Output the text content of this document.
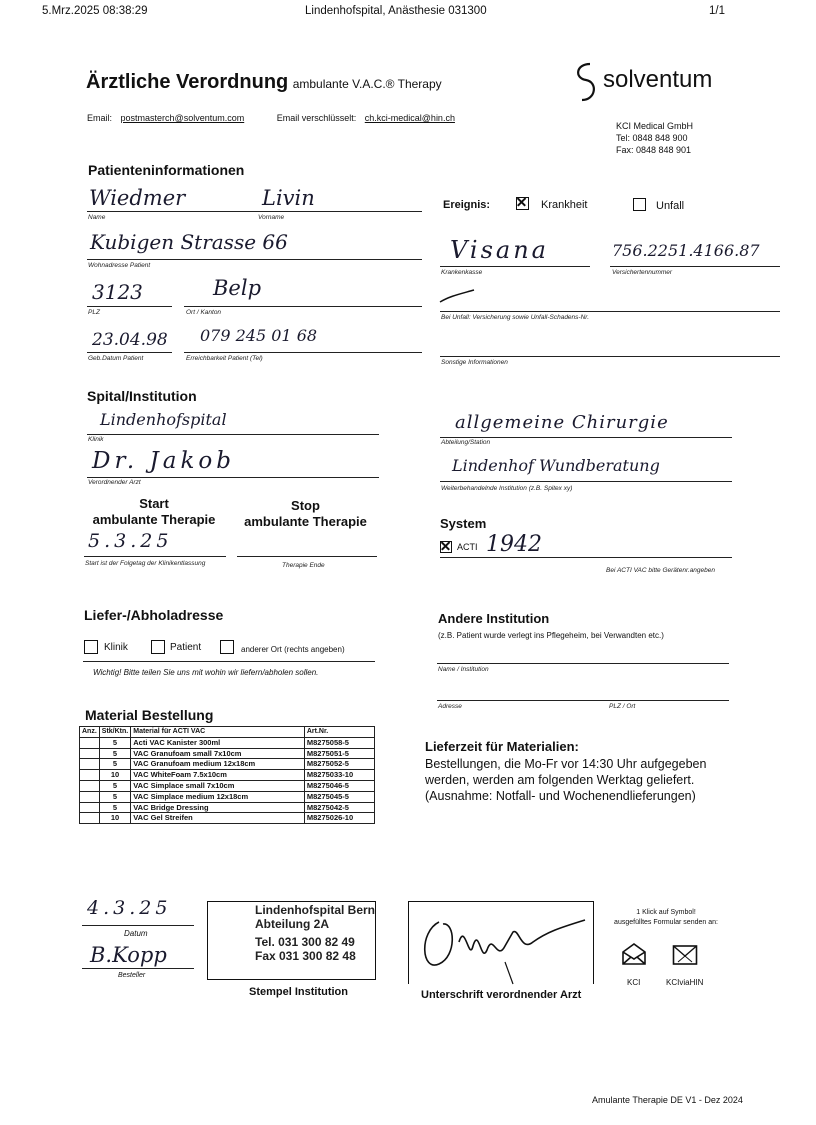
5.Mrz.2025 08:38:29	Lindenhofspital, Anästhesie 031300	1/1
Ärztliche Verordnung ambulante V.A.C.® Therapy
Email: postmasterch@solventum.com	Email verschlüsselt: ch.kci-medical@hin.ch
solventum
KCI Medical GmbH
Tel: 0848 848 900
Fax: 0848 848 901
Patienteninformationen
Wiedmer	Livin
Name	Vorname
Kubigen Strasse 66
Wohnadresse Patient
3123	Belp
PLZ	Ort / Kanton
23.04.98 079 245 01 68
Geb.Datum Patient	Erreichbarkeit Patient (Tel)
Ereignis:	Krankheit	Unfall
Visana	756.2251.4166.87
Krankenkasse	Versichertennummer
Bei Unfall: Versicherung sowie Unfall-Schadens-Nr.
Sonstige Informationen
Spital/Institution
Lindenhofspital
Klinik
Dr. Jakob
Verordnender Arzt
allgemeine Chirurgie
Abteilung/Station
Lindenhof Wundberatung
Weiterbehandelnde Institution (z.B. Spitex xy)
Start
ambulante Therapie
Stop
ambulante Therapie
5.3.25
Start ist der Folgetag der Klinikentlassung	Therapie Ende
System
ACTI 1942
Bei ACTI VAC bitte Gerätenr.angeben
Liefer-/Abholadresse
Klinik	Patient	anderer Ort (rechts angeben)
Wichtig! Bitte teilen Sie uns mit wohin wir liefern/abholen sollen.
Andere Institution
(z.B. Patient wurde verlegt ins Pflegeheim, bei Verwandten etc.)
Name / Institution
Adresse	PLZ / Ort
Material Bestellung
Anz.	Stk/Ktn.	Material für ACTI VAC	Art.Nr.
	5	Acti VAC Kanister 300ml	M8275058-5
	5	VAC Granufoam small 7x10cm	M8275051-5
	5	VAC Granufoam medium 12x18cm	M8275052-5
	10	VAC WhiteFoam 7.5x10cm	M8275033-10
	5	VAC Simplace small 7x10cm	M8275046-5
	5	VAC Simplace medium 12x18cm	M8275045-5
	5	VAC Bridge Dressing	M8275042-5
	10	VAC Gel Streifen	M8275026-10
Lieferzeit für Materialien:
Bestellungen, die Mo-Fr vor 14:30 Uhr aufgegeben
werden, werden am folgenden Werktag geliefert.
(Ausnahme: Notfall- und Wochenendlieferungen)
4.3.25
Datum
B.Kopp
Besteller
Lindenhofspital Bern
Abteilung 2A
Tel. 031 300 82 49
Fax 031 300 82 48
Stempel Institution	Unterschrift verordnender Arzt
1 Klick auf Symbol!
ausgefülltes Formular senden an:
KCI	KCIviaHIN
Amulante Therapie DE V1 - Dez 2024
